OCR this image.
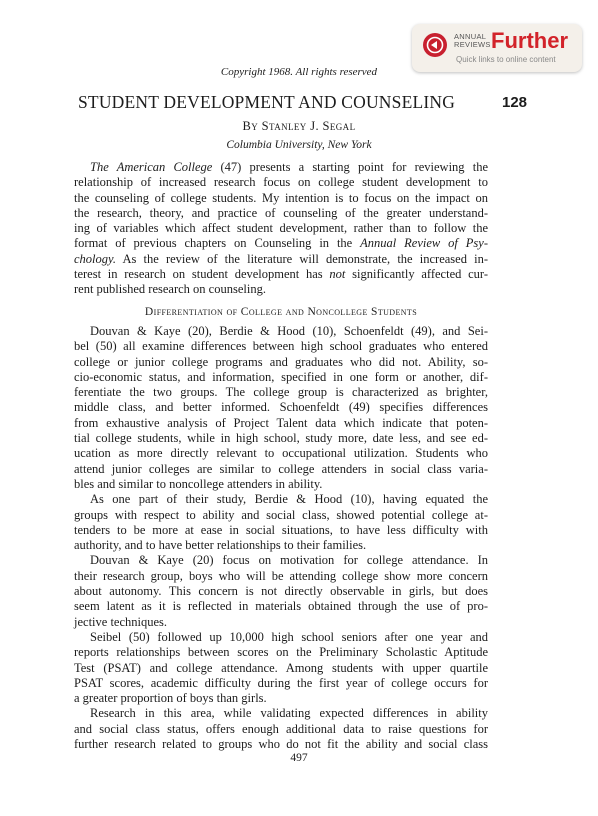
ANNUAL
REVIEWS Further
Quick links to online content
Copyright 1968. All rights reserved
STUDENT DEVELOPMENT AND COUNSELING	128
By Stanley J. Segal
Columbia University, New York
The American College (47) presents a starting point for reviewing the
relationship of increased research focus on college student development to
the counseling of college students. My intention is to focus on the impact on
the research, theory, and practice of counseling of the greater understand-
ing of variables which affect student development, rather than to follow the
format of previous chapters on Counseling in the Annual Review of Psy-
chology. As the review of the literature will demonstrate, the increased in-
terest in research on student development has not significantly affected cur-
rent published research on counseling.
Differentiation of College and Noncollege Students
Douvan & Kaye (20), Berdie & Hood (10), Schoenfeldt (49), and Sei-
bel (50) all examine differences between high school graduates who entered
college or junior college programs and graduates who did not. Ability, so-
cio-economic status, and information, specified in one form or another, dif-
ferentiate the two groups. The college group is characterized as brighter,
middle class, and better informed. Schoenfeldt (49) specifies differences
from exhaustive analysis of Project Talent data which indicate that poten-
tial college students, while in high school, study more, date less, and see ed-
ucation as more directly relevant to occupational utilization. Students who
attend junior colleges are similar to college attenders in social class varia-
bles and similar to noncollege attenders in ability.
As one part of their study, Berdie & Hood (10), having equated the
groups with respect to ability and social class, showed potential college at-
tenders to be more at ease in social situations, to have less difficulty with
authority, and to have better relationships to their families.
Douvan & Kaye (20) focus on motivation for college attendance. In
their research group, boys who will be attending college show more concern
about autonomy. This concern is not directly observable in girls, but does
seem latent as it is reflected in materials obtained through the use of pro-
jective techniques.
Seibel (50) followed up 10,000 high school seniors after one year and
reports relationships between scores on the Preliminary Scholastic Aptitude
Test (PSAT) and college attendance. Among students with upper quartile
PSAT scores, academic difficulty during the first year of college occurs for
a greater proportion of boys than girls.
Research in this area, while validating expected differences in ability
and social class status, offers enough additional data to raise questions for
further research related to groups who do not fit the ability and social class
497
